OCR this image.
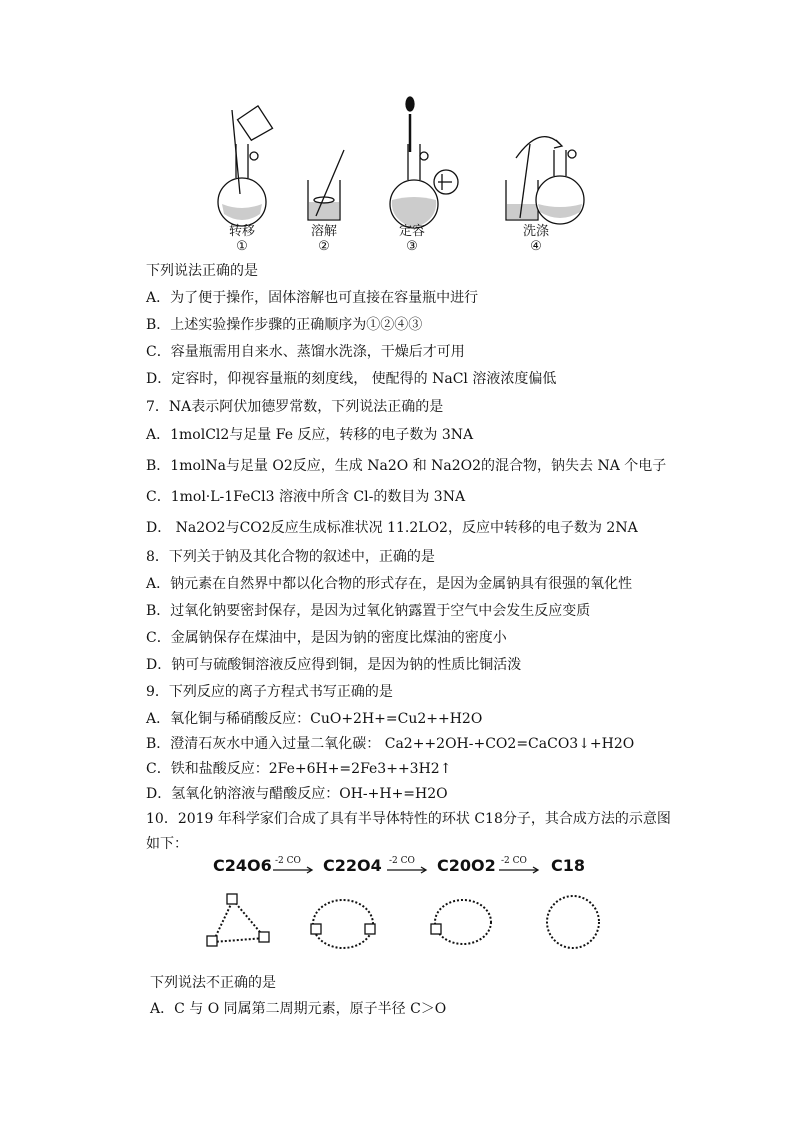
转移
①
溶解
②
定容
③
洗涤
④
下列说法正确的是
A．为了便于操作，固体溶解也可直接在容量瓶中进行
B．上述实验操作步骤的正确顺序为①②④③
C．容量瓶需用自来水、蒸馏水洗涤，干燥后才可用
D．定容时，仰视容量瓶的刻度线， 使配得的 NaCl 溶液浓度偏低
7．NA表示阿伏加德罗常数，下列说法正确的是
A．1molCl2与足量 Fe 反应，转移的电子数为 3NA
B．1molNa与足量 O2反应，生成 Na2O 和 Na2O2的混合物，钠失去 NA 个电子
C．1mol·L-1FeCl3 溶液中所含 Cl-的数目为 3NA
D． Na2O2与CO2反应生成标准状况 11.2LO2，反应中转移的电子数为 2NA
8．下列关于钠及其化合物的叙述中，正确的是
A．钠元素在自然界中都以化合物的形式存在，是因为金属钠具有很强的氧化性
B．过氧化钠要密封保存，是因为过氧化钠露置于空气中会发生反应变质
C．金属钠保存在煤油中，是因为钠的密度比煤油的密度小
D．钠可与硫酸铜溶液反应得到铜，是因为钠的性质比铜活泼
9．下列反应的离子方程式书写正确的是
A．氧化铜与稀硝酸反应：CuO+2H+=Cu2++H2O
B．澄清石灰水中通入过量二氧化碳： Ca2++2OH-+CO2=CaCO3↓+H2O
C．铁和盐酸反应：2Fe+6H+=2Fe3++3H2↑
D．氢氧化钠溶液与醋酸反应：OH-+H+=H2O
10．2019 年科学家们合成了具有半导体特性的环状 C18分子，其合成方法的示意图
如下：
C24O6	C22O4	C20O2	C18
-2 CO	-2 CO	-2 CO
下列说法不正确的是
A．C 与 O 同属第二周期元素，原子半径 C＞O
